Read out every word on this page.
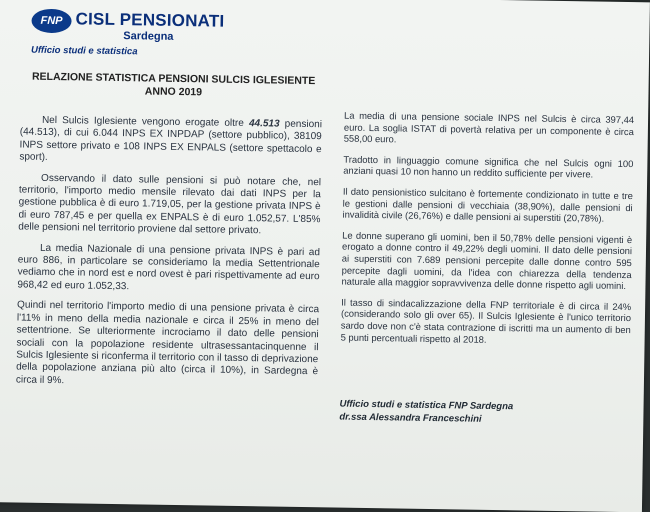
FNP CISL PENSIONATI
Sardegna
Ufficio studi e statistica
RELAZIONE STATISTICA PENSIONI SULCIS IGLESIENTE
ANNO 2019

Nel Sulcis Iglesiente vengono erogate oltre 44.513 pensioni (44.513), di cui 6.044 INPS EX INPDAP (settore pubblico), 38109 INPS settore privato e 108 INPS EX ENPALS (settore spettacolo e sport).

Osservando il dato sulle pensioni si può notare che, nel territorio, l'importo medio mensile rilevato dai dati INPS per la gestione pubblica è di euro 1.719,05, per la gestione privata INPS è di euro 787,45 e per quella ex ENPALS è di euro 1.052,57. L'85% delle pensioni nel territorio proviene dal settore privato.

La media Nazionale di una pensione privata INPS è pari ad euro 886, in particolare se consideriamo la media Settentrionale vediamo che in nord est e nord ovest è pari rispettivamente ad euro 968,42 ed euro 1.052,33.

Quindi nel territorio l'importo medio di una pensione privata è circa l'11% in meno della media nazionale e circa il 25% in meno del settentrione. Se ulteriormente incrociamo il dato delle pensioni sociali con la popolazione residente ultrasessantacinquenne il Sulcis Iglesiente si riconferma il territorio con il tasso di deprivazione della popolazione anziana più alto (circa il 10%), in Sardegna è circa il 9%.

La media di una pensione sociale INPS nel Sulcis è circa 397,44 euro. La soglia ISTAT di povertà relativa per un componente è circa 558,00 euro.

Tradotto in linguaggio comune significa che nel Sulcis ogni 100 anziani quasi 10 non hanno un reddito sufficiente per vivere.

Il dato pensionistico sulcitano è fortemente condizionato in tutte e tre le gestioni dalle pensioni di vecchiaia (38,90%), dalle pensioni di invalidità civile (26,76%) e dalle pensioni ai superstiti (20,78%).

Le donne superano gli uomini, ben il 50,78% delle pensioni vigenti è erogato a donne contro il 49,22% degli uomini. Il dato delle pensioni ai superstiti con 7.689 pensioni percepite dalle donne contro 595 percepite dagli uomini, da l'idea con chiarezza della tendenza naturale alla maggior sopravvivenza delle donne rispetto agli uomini.

Il tasso di sindacalizzazione della FNP territoriale è di circa il 24% (considerando solo gli over 65). Il Sulcis Iglesiente è l'unico territorio sardo dove non c'è stata contrazione di iscritti ma un aumento di ben 5 punti percentuali rispetto al 2018.

Ufficio studi e statistica FNP Sardegna
dr.ssa Alessandra Franceschini
